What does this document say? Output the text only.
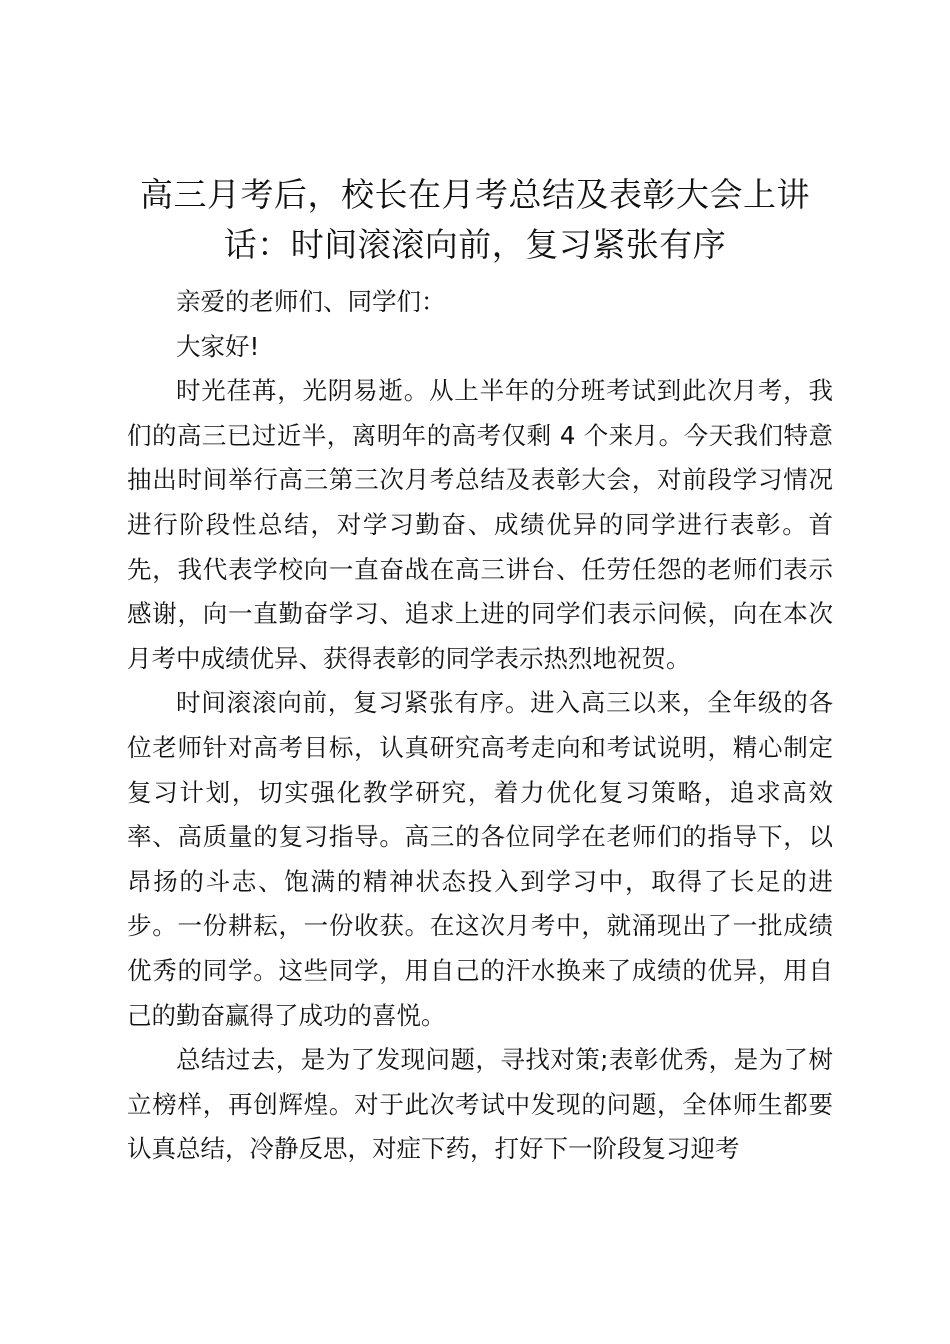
高三月考后，校长在月考总结及表彰大会上讲话：时间滚滚向前，复习紧张有序

亲爱的老师们、同学们：

大家好!

时光荏苒，光阴易逝。从上半年的分班考试到此次月考，我们的高三已过近半，离明年的高考仅剩 4 个来月。今天我们特意抽出时间举行高三第三次月考总结及表彰大会，对前段学习情况进行阶段性总结，对学习勤奋、成绩优异的同学进行表彰。首先，我代表学校向一直奋战在高三讲台、任劳任怨的老师们表示感谢，向一直勤奋学习、追求上进的同学们表示问候，向在本次月考中成绩优异、获得表彰的同学表示热烈地祝贺。

时间滚滚向前，复习紧张有序。进入高三以来，全年级的各位老师针对高考目标，认真研究高考走向和考试说明，精心制定复习计划，切实强化教学研究，着力优化复习策略，追求高效率、高质量的复习指导。高三的各位同学在老师们的指导下，以昂扬的斗志、饱满的精神状态投入到学习中，取得了长足的进步。一份耕耘，一份收获。在这次月考中，就涌现出了一批成绩优秀的同学。这些同学，用自己的汗水换来了成绩的优异，用自己的勤奋赢得了成功的喜悦。

总结过去，是为了发现问题，寻找对策;表彰优秀，是为了树立榜样，再创辉煌。对于此次考试中发现的问题，全体师生都要认真总结，冷静反思，对症下药，打好下一阶段复习迎考
